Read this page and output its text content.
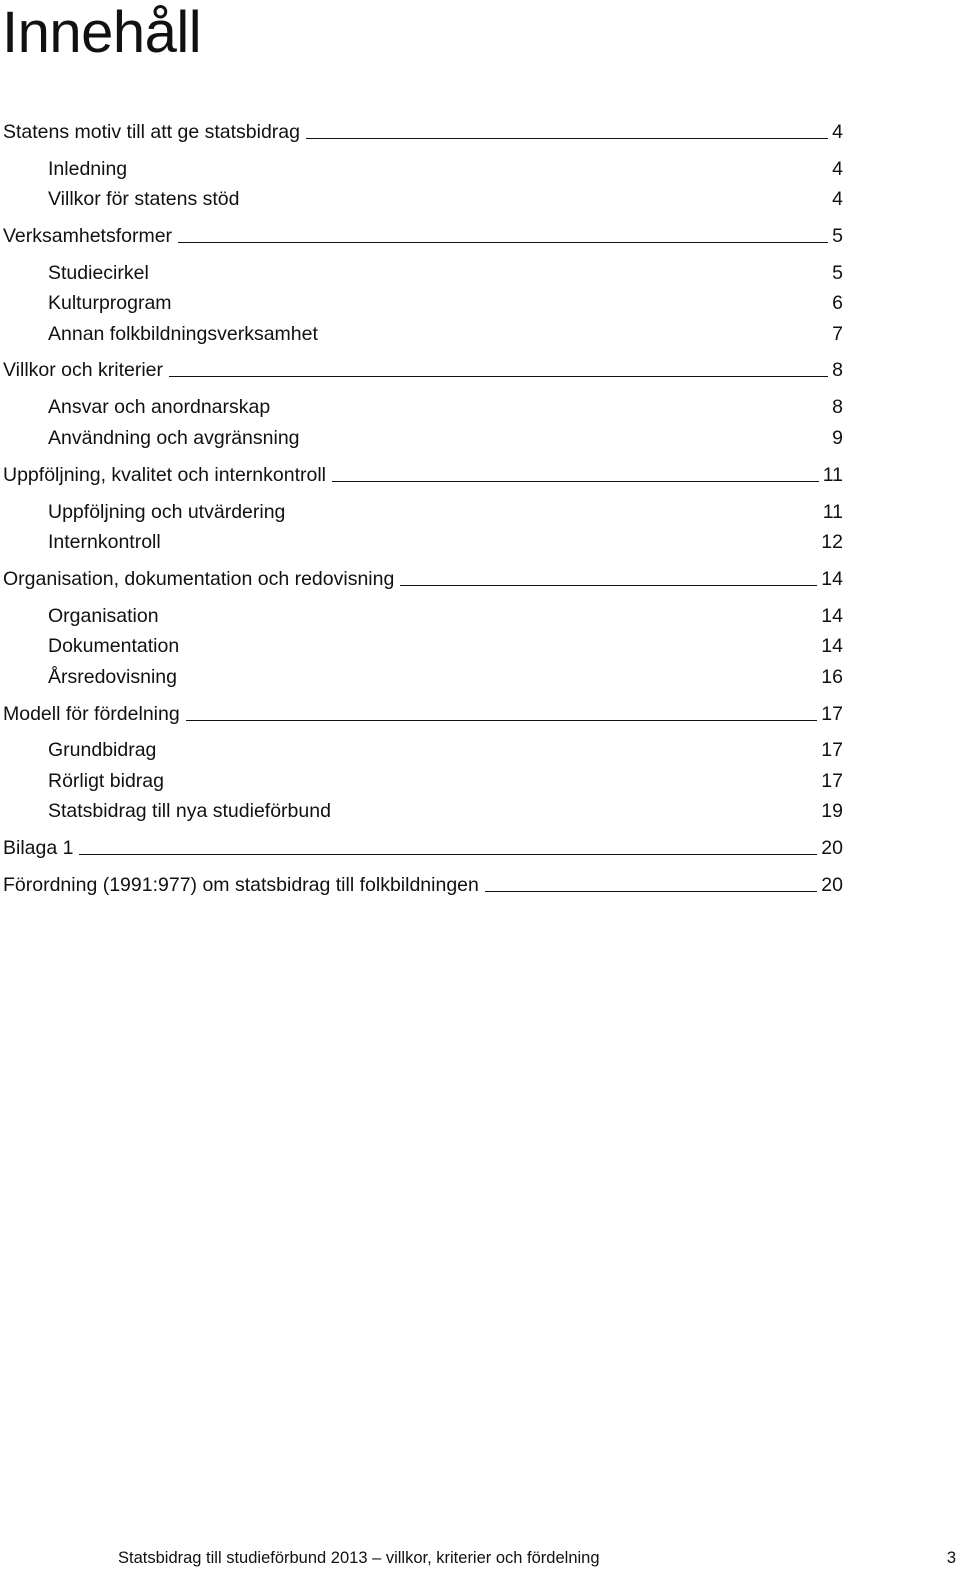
Innehåll
Statens motiv till att ge statsbidrag	4
Inledning	4
Villkor för statens stöd	4
Verksamhetsformer	5
Studiecirkel	5
Kulturprogram	6
Annan folkbildningsverksamhet	7
Villkor och kriterier	8
Ansvar och anordnarskap	8
Användning och avgränsning	9
Uppföljning, kvalitet och internkontroll	11
Uppföljning och utvärdering	11
Internkontroll	12
Organisation, dokumentation och redovisning	14
Organisation	14
Dokumentation	14
Årsredovisning	16
Modell för fördelning	17
Grundbidrag	17
Rörligt bidrag	17
Statsbidrag till nya studieförbund	19
Bilaga 1	20
Förordning (1991:977) om statsbidrag till folkbildningen	20
Statsbidrag till studieförbund 2013 – villkor, kriterier och fördelning	3
